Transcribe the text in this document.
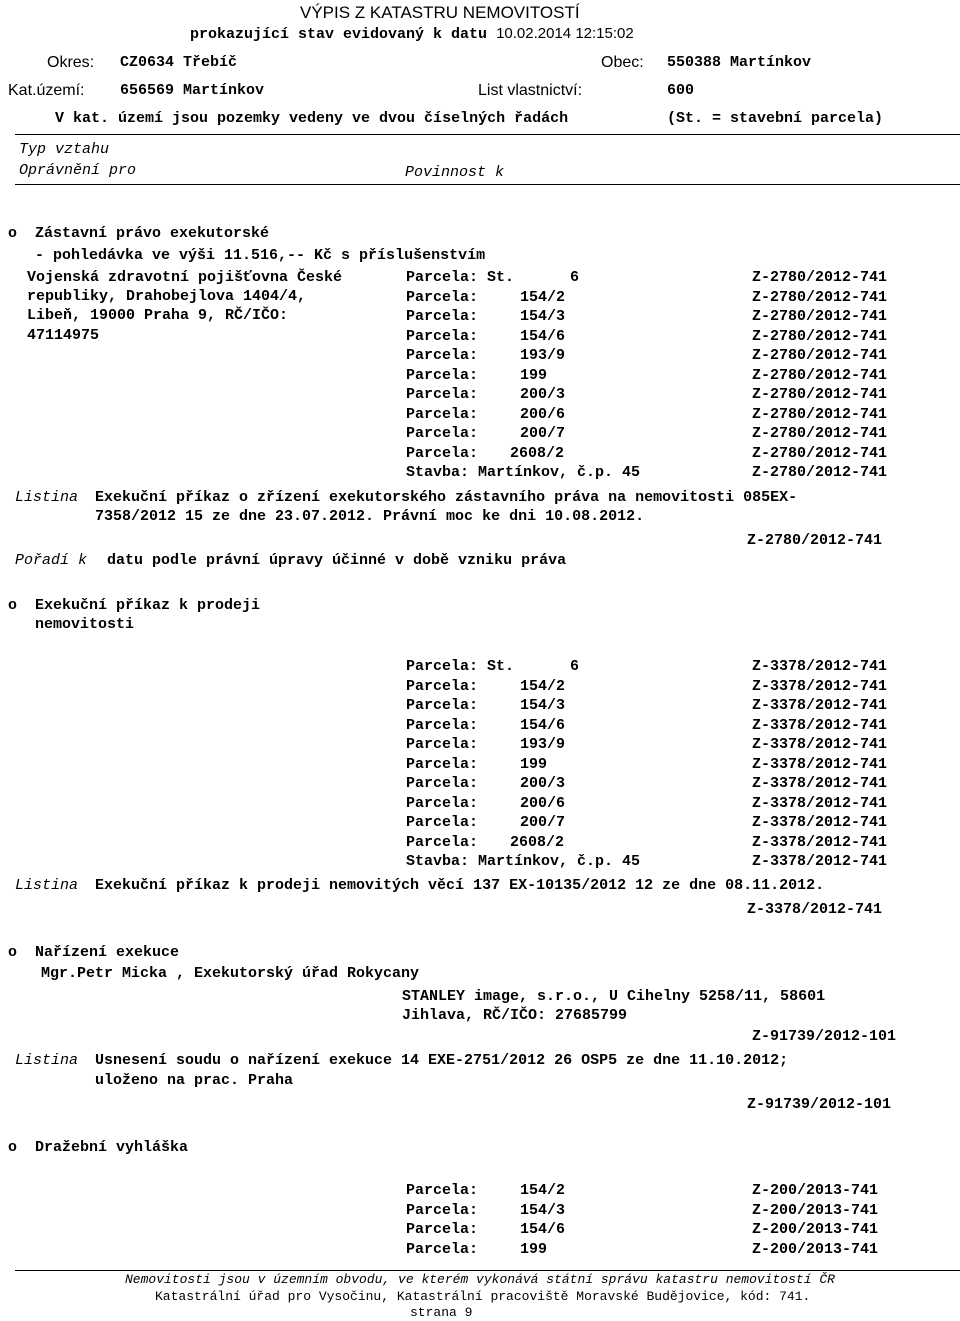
VÝPIS Z KATASTRU NEMOVITOSTÍ
prokazující stav evidovaný k datu 10.02.2014 12:15:02
Okres: CZ0634 Třebíč	Obec: 550388 Martínkov
Kat.území: 656569 Martínkov	List vlastnictví:	600
V kat. území jsou pozemky vedeny ve dvou číselných řadách	(St. = stavební parcela)
Typ vztahu
Oprávnění pro	Povinnost k
o  Zástavní právo exekutorské
- pohledávka ve výši 11.516,-- Kč s příslušenstvím
Vojenská zdravotní pojišťovna České
republiky, Drahobejlova 1404/4,
Libeň, 19000 Praha 9, RČ/IČO:
47114975
Parcela: St.	6	Z-2780/2012-741
Parcela:	154/2	Z-2780/2012-741
Parcela:	154/3	Z-2780/2012-741
Parcela:	154/6	Z-2780/2012-741
Parcela:	193/9	Z-2780/2012-741
Parcela:	199	Z-2780/2012-741
Parcela:	200/3	Z-2780/2012-741
Parcela:	200/6	Z-2780/2012-741
Parcela:	200/7	Z-2780/2012-741
Parcela: 2608/2	Z-2780/2012-741
Stavba: Martínkov, č.p. 45	Z-2780/2012-741
Listina Exekuční příkaz o zřízení exekutorského zástavního práva na nemovitosti 085EX-
7358/2012 15 ze dne 23.07.2012. Právní moc ke dni 10.08.2012.
Z-2780/2012-741
Pořadí k datu podle právní úpravy účinné v době vzniku práva
o  Exekuční příkaz k prodeji
nemovitosti
Parcela: St.	6	Z-3378/2012-741
Parcela:	154/2	Z-3378/2012-741
Parcela:	154/3	Z-3378/2012-741
Parcela:	154/6	Z-3378/2012-741
Parcela:	193/9	Z-3378/2012-741
Parcela:	199	Z-3378/2012-741
Parcela:	200/3	Z-3378/2012-741
Parcela:	200/6	Z-3378/2012-741
Parcela:	200/7	Z-3378/2012-741
Parcela: 2608/2	Z-3378/2012-741
Stavba: Martínkov, č.p. 45	Z-3378/2012-741
Listina Exekuční příkaz k prodeji nemovitých věcí 137 EX-10135/2012 12 ze dne 08.11.2012.
Z-3378/2012-741
o  Nařízení exekuce
Mgr.Petr Micka , Exekutorský úřad Rokycany
STANLEY image, s.r.o., U Cihelny 5258/11, 58601
Jihlava, RČ/IČO: 27685799
Z-91739/2012-101
Listina Usnesení soudu o nařízení exekuce 14 EXE-2751/2012 26 OSP5 ze dne 11.10.2012;
uloženo na prac. Praha
Z-91739/2012-101
o  Dražební vyhláška
Parcela:	154/2	Z-200/2013-741
Parcela:	154/3	Z-200/2013-741
Parcela:	154/6	Z-200/2013-741
Parcela:	199	Z-200/2013-741
Nemovitosti jsou v územním obvodu, ve kterém vykonává státní správu katastru nemovitostí ČR
Katastrální úřad pro Vysočinu, Katastrální pracoviště Moravské Budějovice, kód: 741.
strana 9
